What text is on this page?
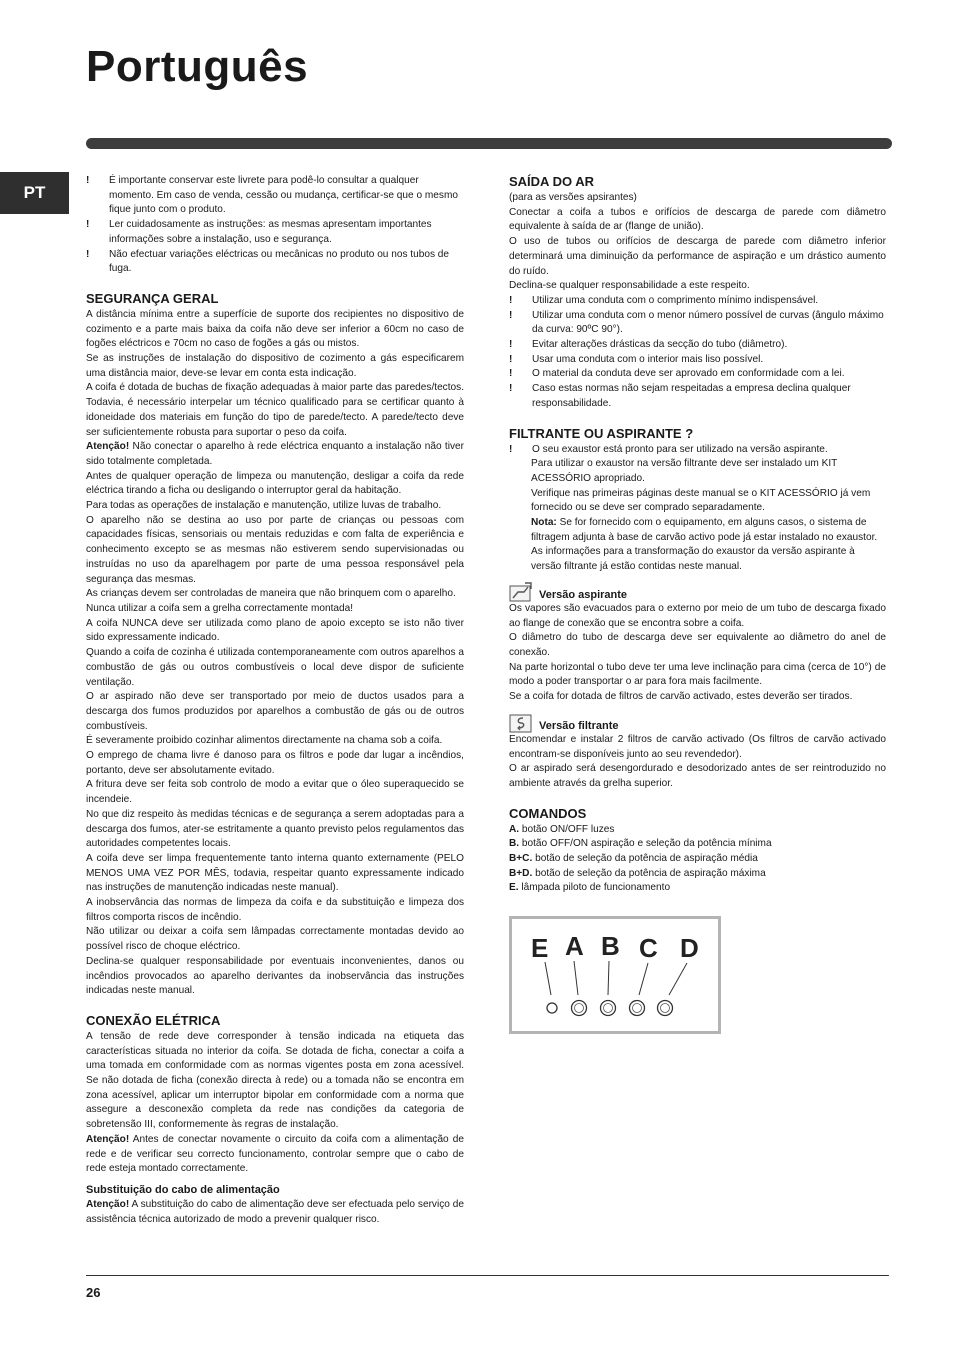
Português
PT
!	É importante conservar este livrete para podê-lo consultar a qualquer momento. Em caso de venda, cessão ou mudança, certificar-se que o mesmo fique junto com o produto.
!	Ler cuidadosamente as instruções: as mesmas apresentam importantes informações sobre a instalação, uso e segurança.
!	Não efectuar variações eléctricas ou mecânicas no produto ou nos tubos de fuga.
SEGURANÇA GERAL

A distância mínima entre a superfície de suporte dos recipientes no dispositivo de cozimento e a parte mais baixa da coifa não deve ser inferior a 60cm no caso de fogões eléctricos e 70cm no caso de fogões a gás ou mistos.

Se as instruções de instalação do dispositivo de cozimento a gás especificarem uma distância maior, deve-se levar em conta esta indicação.

A coifa é dotada de buchas de fixação adequadas à maior parte das paredes/tectos. Todavia, é necessário interpelar um técnico qualificado para se certificar quanto à idoneidade dos materiais em função do tipo de parede/tecto. A parede/tecto deve ser suficientemente robusta para suportar o peso da coifa.

Atenção! Não conectar o aparelho à rede eléctrica enquanto a instalação não tiver sido totalmente completada.

Antes de qualquer operação de limpeza ou manutenção, desligar a coifa da rede eléctrica tirando a ficha ou desligando o interruptor geral da habitação.

Para todas as operações de instalação e manutenção, utilize luvas de trabalho.

O aparelho não se destina ao uso por parte de crianças ou pessoas com capacidades físicas, sensoriais ou mentais reduzidas e com falta de experiência e conhecimento excepto se as mesmas não estiverem sendo supervisionadas ou instruídas no uso da aparelhagem por parte de uma pessoa responsável pela segurança das mesmas.

As crianças devem ser controladas de maneira que não brinquem com o aparelho.

Nunca utilizar a coifa sem a grelha correctamente montada!

A coifa NUNCA deve ser utilizada como plano de apoio excepto se isto não tiver sido expressamente indicado.

Quando a coifa de cozinha é utilizada contemporaneamente com outros aparelhos a combustão de gás ou outros combustíveis o local deve dispor de suficiente ventilação.

O ar aspirado não deve ser transportado por meio de ductos usados para a descarga dos fumos produzidos por aparelhos a combustão de gás ou de outros combustíveis.

É severamente proibido cozinhar alimentos directamente na chama sob a coifa.

O emprego de chama livre é danoso para os filtros e pode dar lugar a incêndios, portanto, deve ser absolutamente evitado.

A fritura deve ser feita sob controlo de modo a evitar que o óleo superaquecido se incendeie.

No que diz respeito às medidas técnicas e de segurança a serem adoptadas para a descarga dos fumos, ater-se estritamente a quanto previsto pelos regulamentos das autoridades competentes locais.

A coifa deve ser limpa frequentemente tanto interna quanto externamente (PELO MENOS UMA VEZ POR MÊS, todavia, respeitar quanto expressamente indicado nas instruções de manutenção indicadas neste manual).

A inobservância das normas de limpeza da coifa e da substituição e limpeza dos filtros comporta riscos de incêndio.

Não utilizar ou deixar a coifa sem lâmpadas correctamente montadas devido ao possível risco de choque eléctrico.

Declina-se qualquer responsabilidade por eventuais inconvenientes, danos ou incêndios provocados ao aparelho derivantes da inobservância das instruções indicadas neste manual.

CONEXÃO ELÉTRICA

A tensão de rede deve corresponder à tensão indicada na etiqueta das características situada no interior da coifa. Se dotada de ficha, conectar a coifa a uma tomada em conformidade com as normas vigentes posta em zona acessível. Se não dotada de ficha (conexão directa à rede) ou a tomada não se encontra em zona acessível, aplicar um interruptor bipolar em conformidade com a norma que assegure a desconexão completa da rede nas condições da categoria de sobretensão III, conformemente às regras de instalação.

Atenção! Antes de conectar novamente o circuito da coifa com a alimentação de rede e de verificar seu correcto funcionamento, controlar sempre que o cabo de rede esteja montado correctamente.

Substituição do cabo de alimentação

Atenção! A substituição do cabo de alimentação deve ser efectuada pelo serviço de assistência técnica autorizado de modo a prevenir qualquer risco.

SAÍDA DO AR

(para as versões apsirantes)

Conectar a coifa a tubos e orifícios de descarga de parede com diâmetro equivalente à saída de ar (flange de união).

O uso de tubos ou orifícios de descarga de parede com diâmetro inferior determinará uma diminuição da performance de aspiração e um drástico aumento do ruído.

Declina-se qualquer responsabilidade a este respeito.

!	Utilizar uma conduta com o comprimento mínimo indispensável.
!	Utilizar uma conduta com o menor número possível de curvas (ângulo máximo da curva: 90ºC 90°).
!	Evitar alterações drásticas da secção do tubo (diâmetro).
!	Usar uma conduta com o interior mais liso possível.
!	O material da conduta deve ser aprovado em conformidade com a lei.
!	Caso estas normas não sejam respeitadas a empresa declina qualquer responsabilidade.
FILTRANTE OU ASPIRANTE ?
!	O seu exaustor está pronto para ser utilizado na versão aspirante.

Para utilizar o exaustor na versão filtrante deve ser instalado um KIT ACESSÓRIO apropriado.

Verifique nas primeiras páginas deste manual se o KIT ACESSÓRIO já vem fornecido ou se deve ser comprado separadamente.

Nota: Se for fornecido com o equipamento, em alguns casos, o sistema de filtragem adjunta à base de carvão activo pode já estar instalado no exaustor.

As informações para a transformação do exaustor da versão aspirante à versão filtrante já estão contidas neste manual.

Versão aspirante

Os vapores são evacuados para o externo por meio de um tubo de descarga fixado ao flange de conexão que se encontra sobre a coifa.

O diâmetro do tubo de descarga deve ser equivalente ao diâmetro do anel de conexão.

Na parte horizontal o tubo deve ter uma leve inclinação para cima (cerca de 10°) de modo a poder transportar o ar para fora mais facilmente.

Se a coifa for dotada de filtros de carvão activado, estes deverão ser tirados.

Versão filtrante

Encomendar e instalar 2 filtros de carvão activado (Os filtros de carvão activado encontram-se disponíveis junto ao seu revendedor).

O ar aspirado será desengordurado e desodorizado antes de ser reintroduzido no ambiente através da grelha superior.

COMANDOS

A. botão ON/OFF luzes

B. botão OFF/ON aspiração e seleção da potência mínima

B+C. botão de seleção da potência de aspiração média

B+D. botão de seleção da potência de aspiração máxima

E. lâmpada piloto de funcionamento

E A B C D
26
